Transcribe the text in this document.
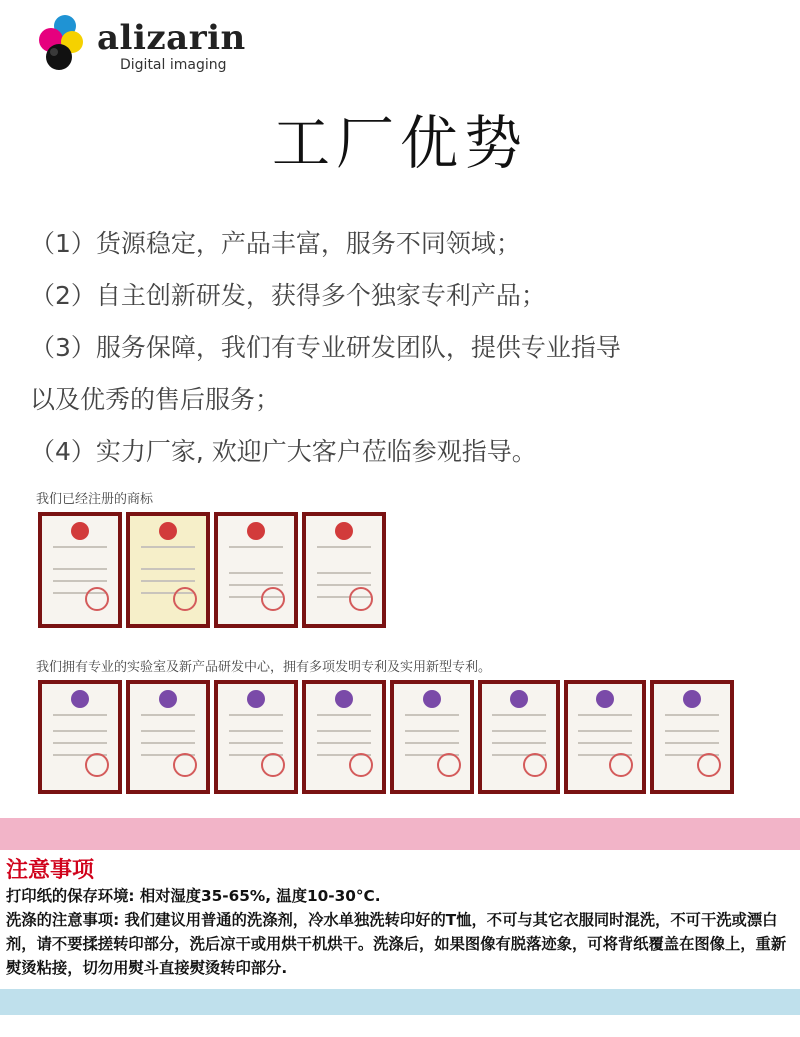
alizarin
Digital imaging
工厂优势
（1）货源稳定，产品丰富，服务不同领域；
（2）自主创新研发，获得多个独家专利产品；
（3）服务保障，我们有专业研发团队，提供专业指导
以及优秀的售后服务；
（4）实力厂家, 欢迎广大客户莅临参观指导。
我们已经注册的商标
我们拥有专业的实验室及新产品研发中心，拥有多项发明专利及实用新型专利。
注意事项

打印纸的保存环境: 相对湿度35-65%, 温度10-30°C.

洗涤的注意事项: 我们建议用普通的洗涤剂，冷水单独洗转印好的T恤，不可与其它衣服同时混洗，不可干洗或漂白剂，请不要揉搓转印部分，洗后凉干或用烘干机烘干。洗涤后，如果图像有脱落迹象，可将背纸覆盖在图像上，重新熨烫粘接，切勿用熨斗直接熨烫转印部分.
